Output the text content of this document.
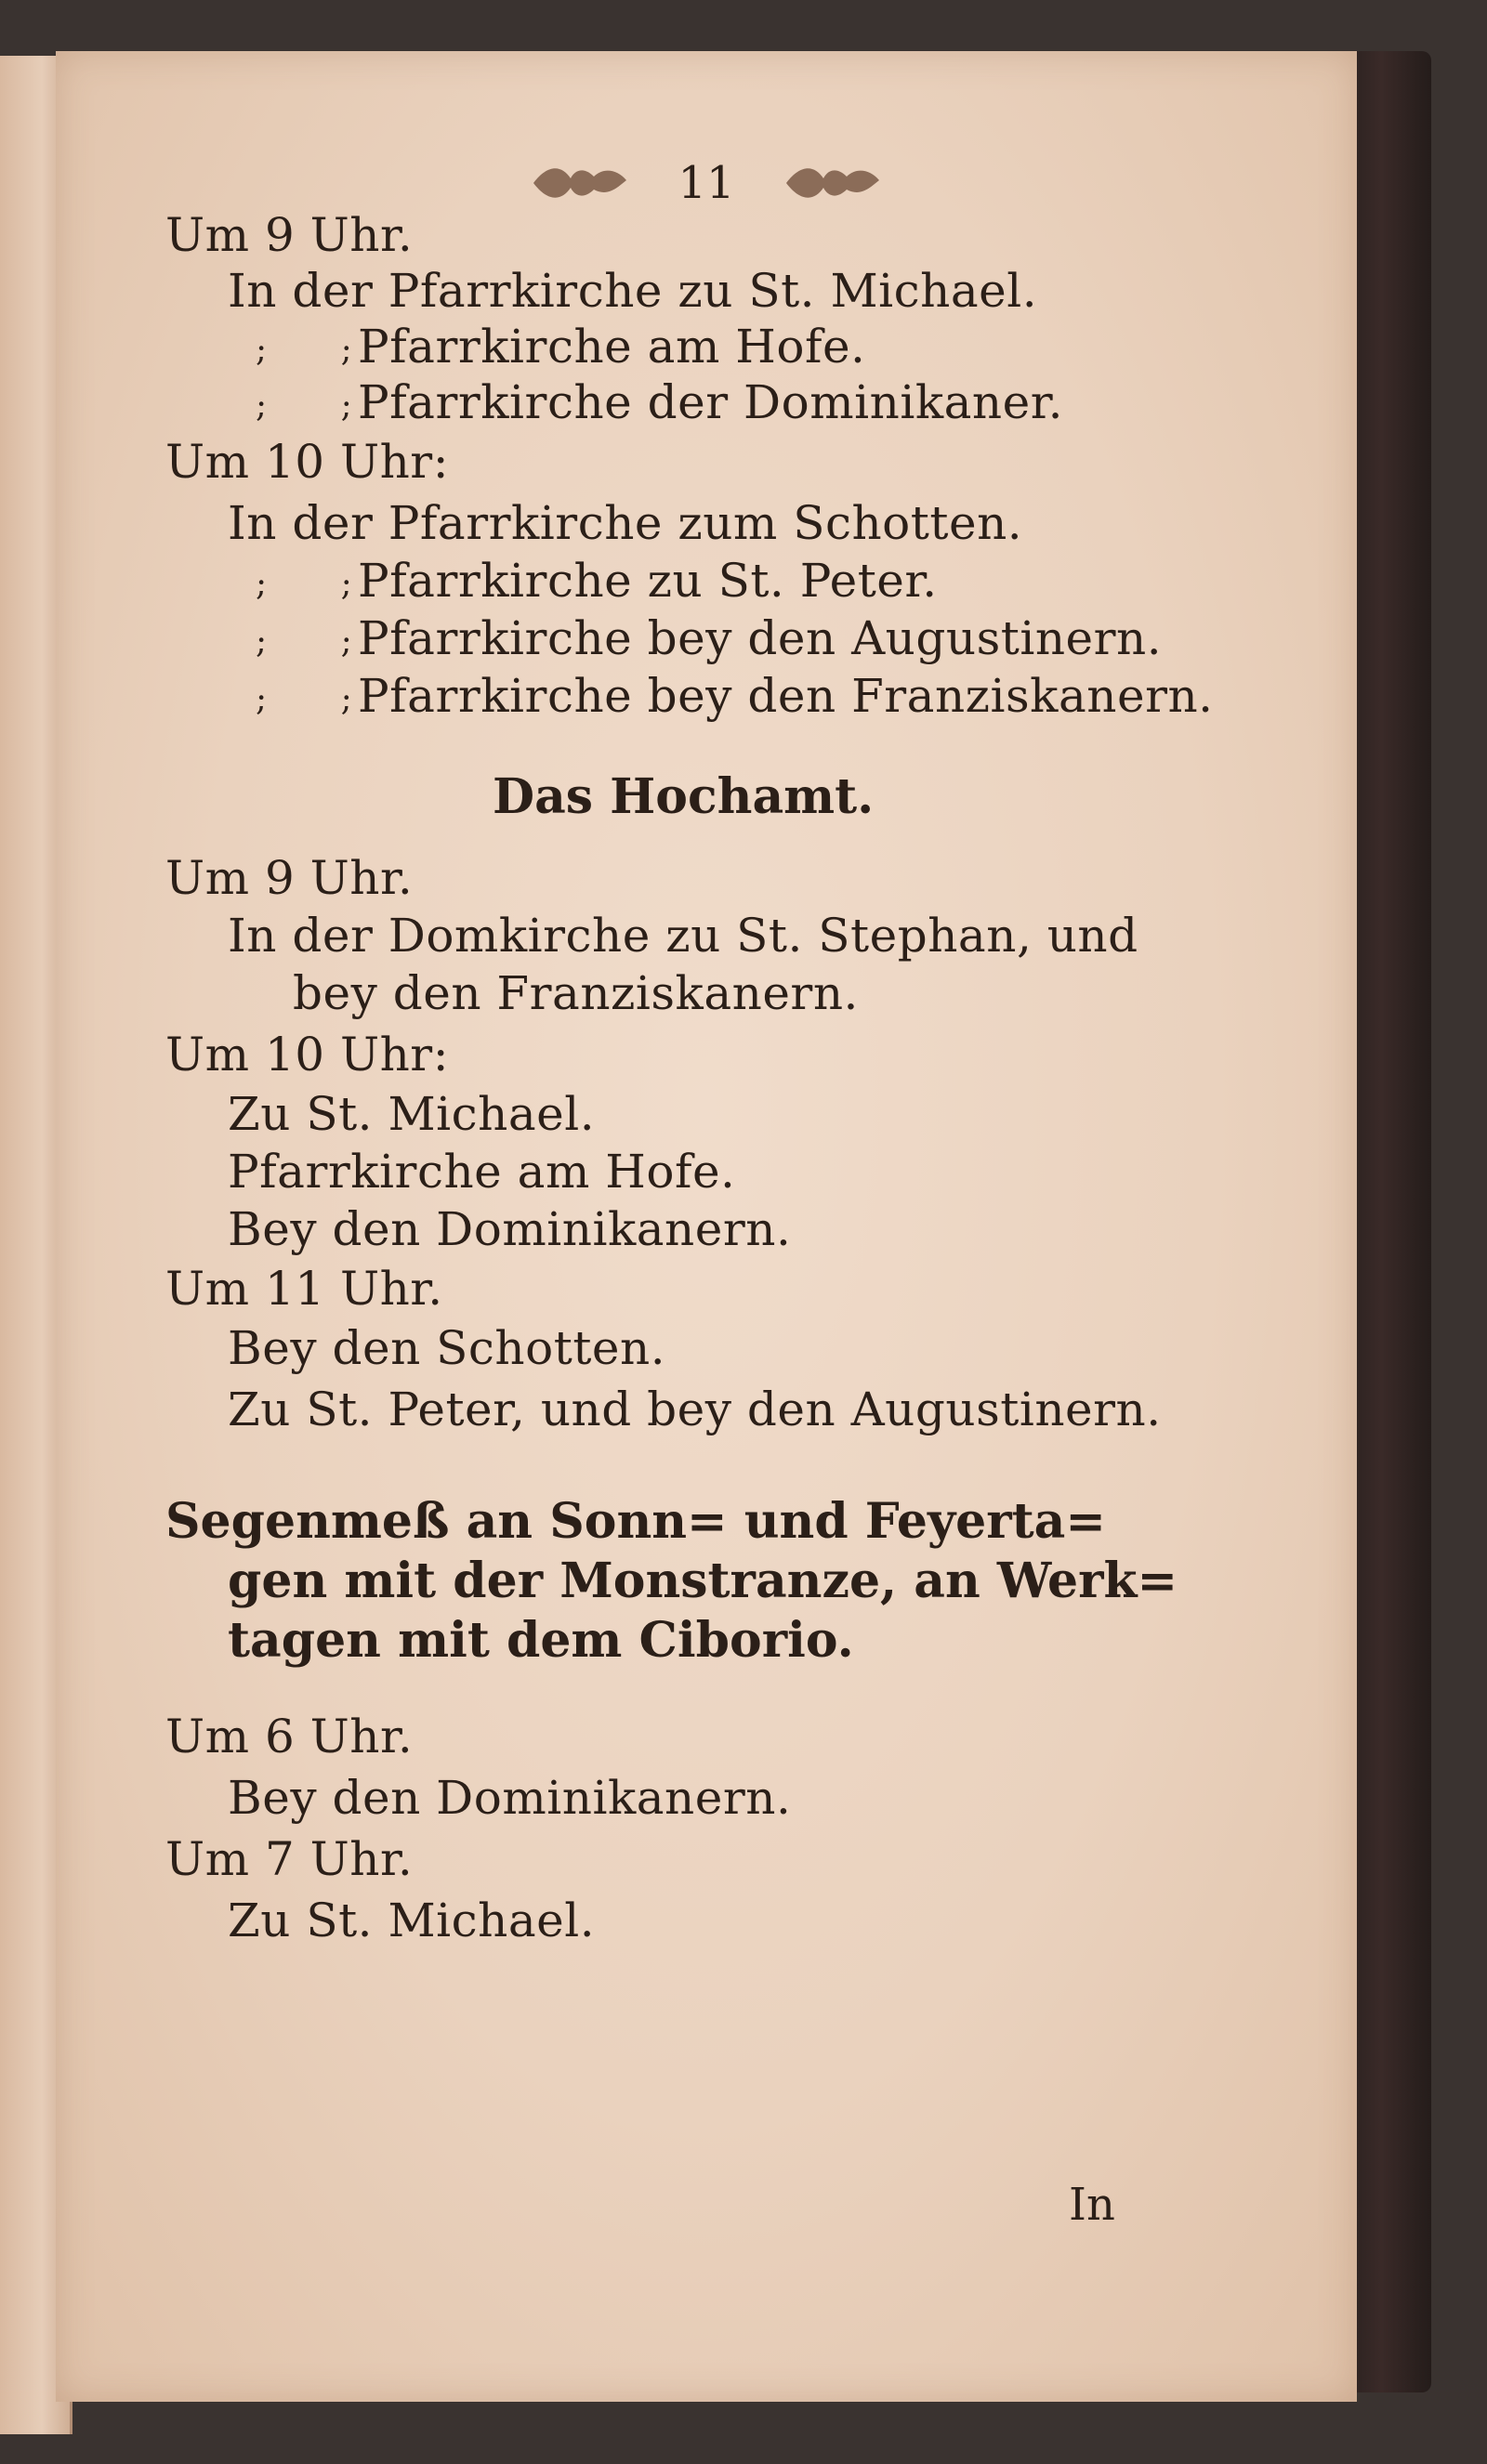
11
Um 9 Uhr.
In der Pfarrkirche zu St. Michael.
; ;Pfarrkirche am Hofe.
; ;Pfarrkirche der Dominikaner.
Um 10 Uhr:
In der Pfarrkirche zum Schotten.
; ;Pfarrkirche zu St. Peter.
; ;Pfarrkirche bey den Augustinern.
; ;Pfarrkirche bey den Franziskanern.
Das Hochamt.
Um 9 Uhr.
In der Domkirche zu St. Stephan, und
bey den Franziskanern.
Um 10 Uhr:
Zu St. Michael.
Pfarrkirche am Hofe.
Bey den Dominikanern.
Um 11 Uhr.
Bey den Schotten.
Zu St. Peter, und bey den Augustinern.
Segenmeß an Sonn= und Feyerta=
gen mit der Monstranze, an Werk=
tagen mit dem Ciborio.
Um 6 Uhr.
Bey den Dominikanern.
Um 7 Uhr.
Zu St. Michael.
In
